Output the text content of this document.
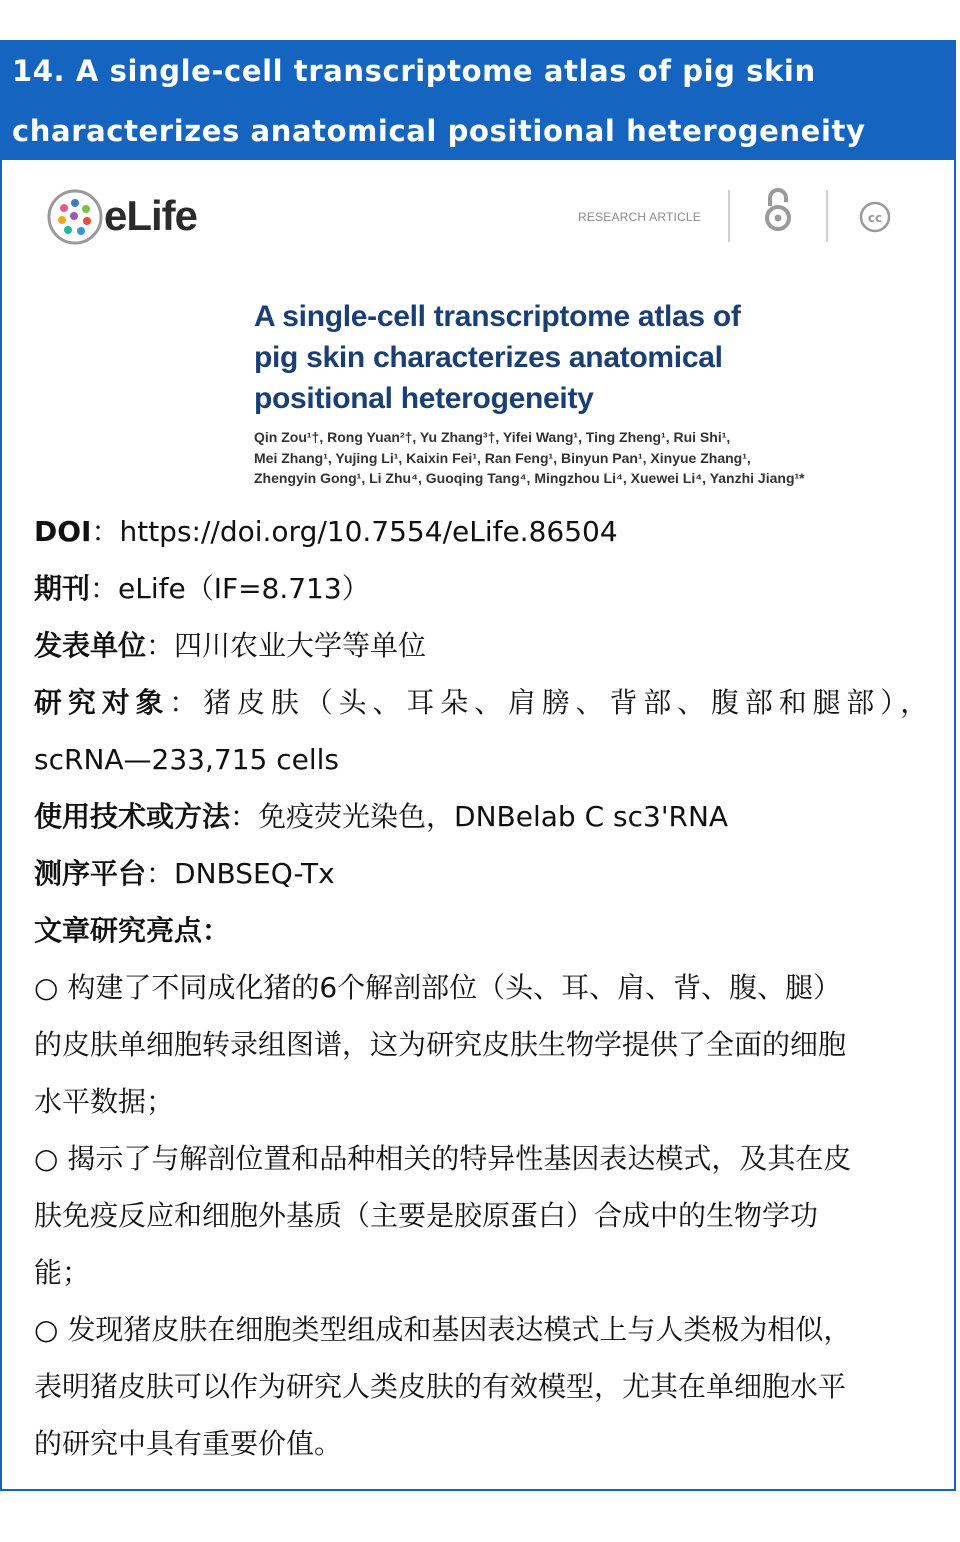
14. A single-cell transcriptome atlas of pig skin
characterizes anatomical positional heterogeneity
eLife	RESEARCH ARTICLE	cc
A single-cell transcriptome atlas of
pig skin characterizes anatomical
positional heterogeneity
Qin Zou¹†, Rong Yuan²†, Yu Zhang³†, Yifei Wang¹, Ting Zheng¹, Rui Shi¹,
Mei Zhang¹, Yujing Li¹, Kaixin Fei¹, Ran Feng¹, Binyun Pan¹, Xinyue Zhang¹,
Zhengyin Gong¹, Li Zhu⁴, Guoqing Tang⁴, Mingzhou Li⁴, Xuewei Li⁴, Yanzhi Jiang¹*
DOI：https://doi.org/10.7554/eLife.86504
期刊：eLife（IF=8.713）
发表单位：四川农业大学等单位
研究对象：猪皮肤（头、耳朵、肩膀、背部、腹部和腿部），
scRNA—233,715 cells
使用技术或方法：免疫荧光染色，DNBelab C sc3'RNA
测序平台：DNBSEQ-Tx
文章研究亮点：
○ 构建了不同成化猪的6个解剖部位（头、耳、肩、背、腹、腿）
的皮肤单细胞转录组图谱，这为研究皮肤生物学提供了全面的细胞
水平数据；
○ 揭示了与解剖位置和品种相关的特异性基因表达模式，及其在皮
肤免疫反应和细胞外基质（主要是胶原蛋白）合成中的生物学功
能；
○ 发现猪皮肤在细胞类型组成和基因表达模式上与人类极为相似，
表明猪皮肤可以作为研究人类皮肤的有效模型，尤其在单细胞水平
的研究中具有重要价值。
